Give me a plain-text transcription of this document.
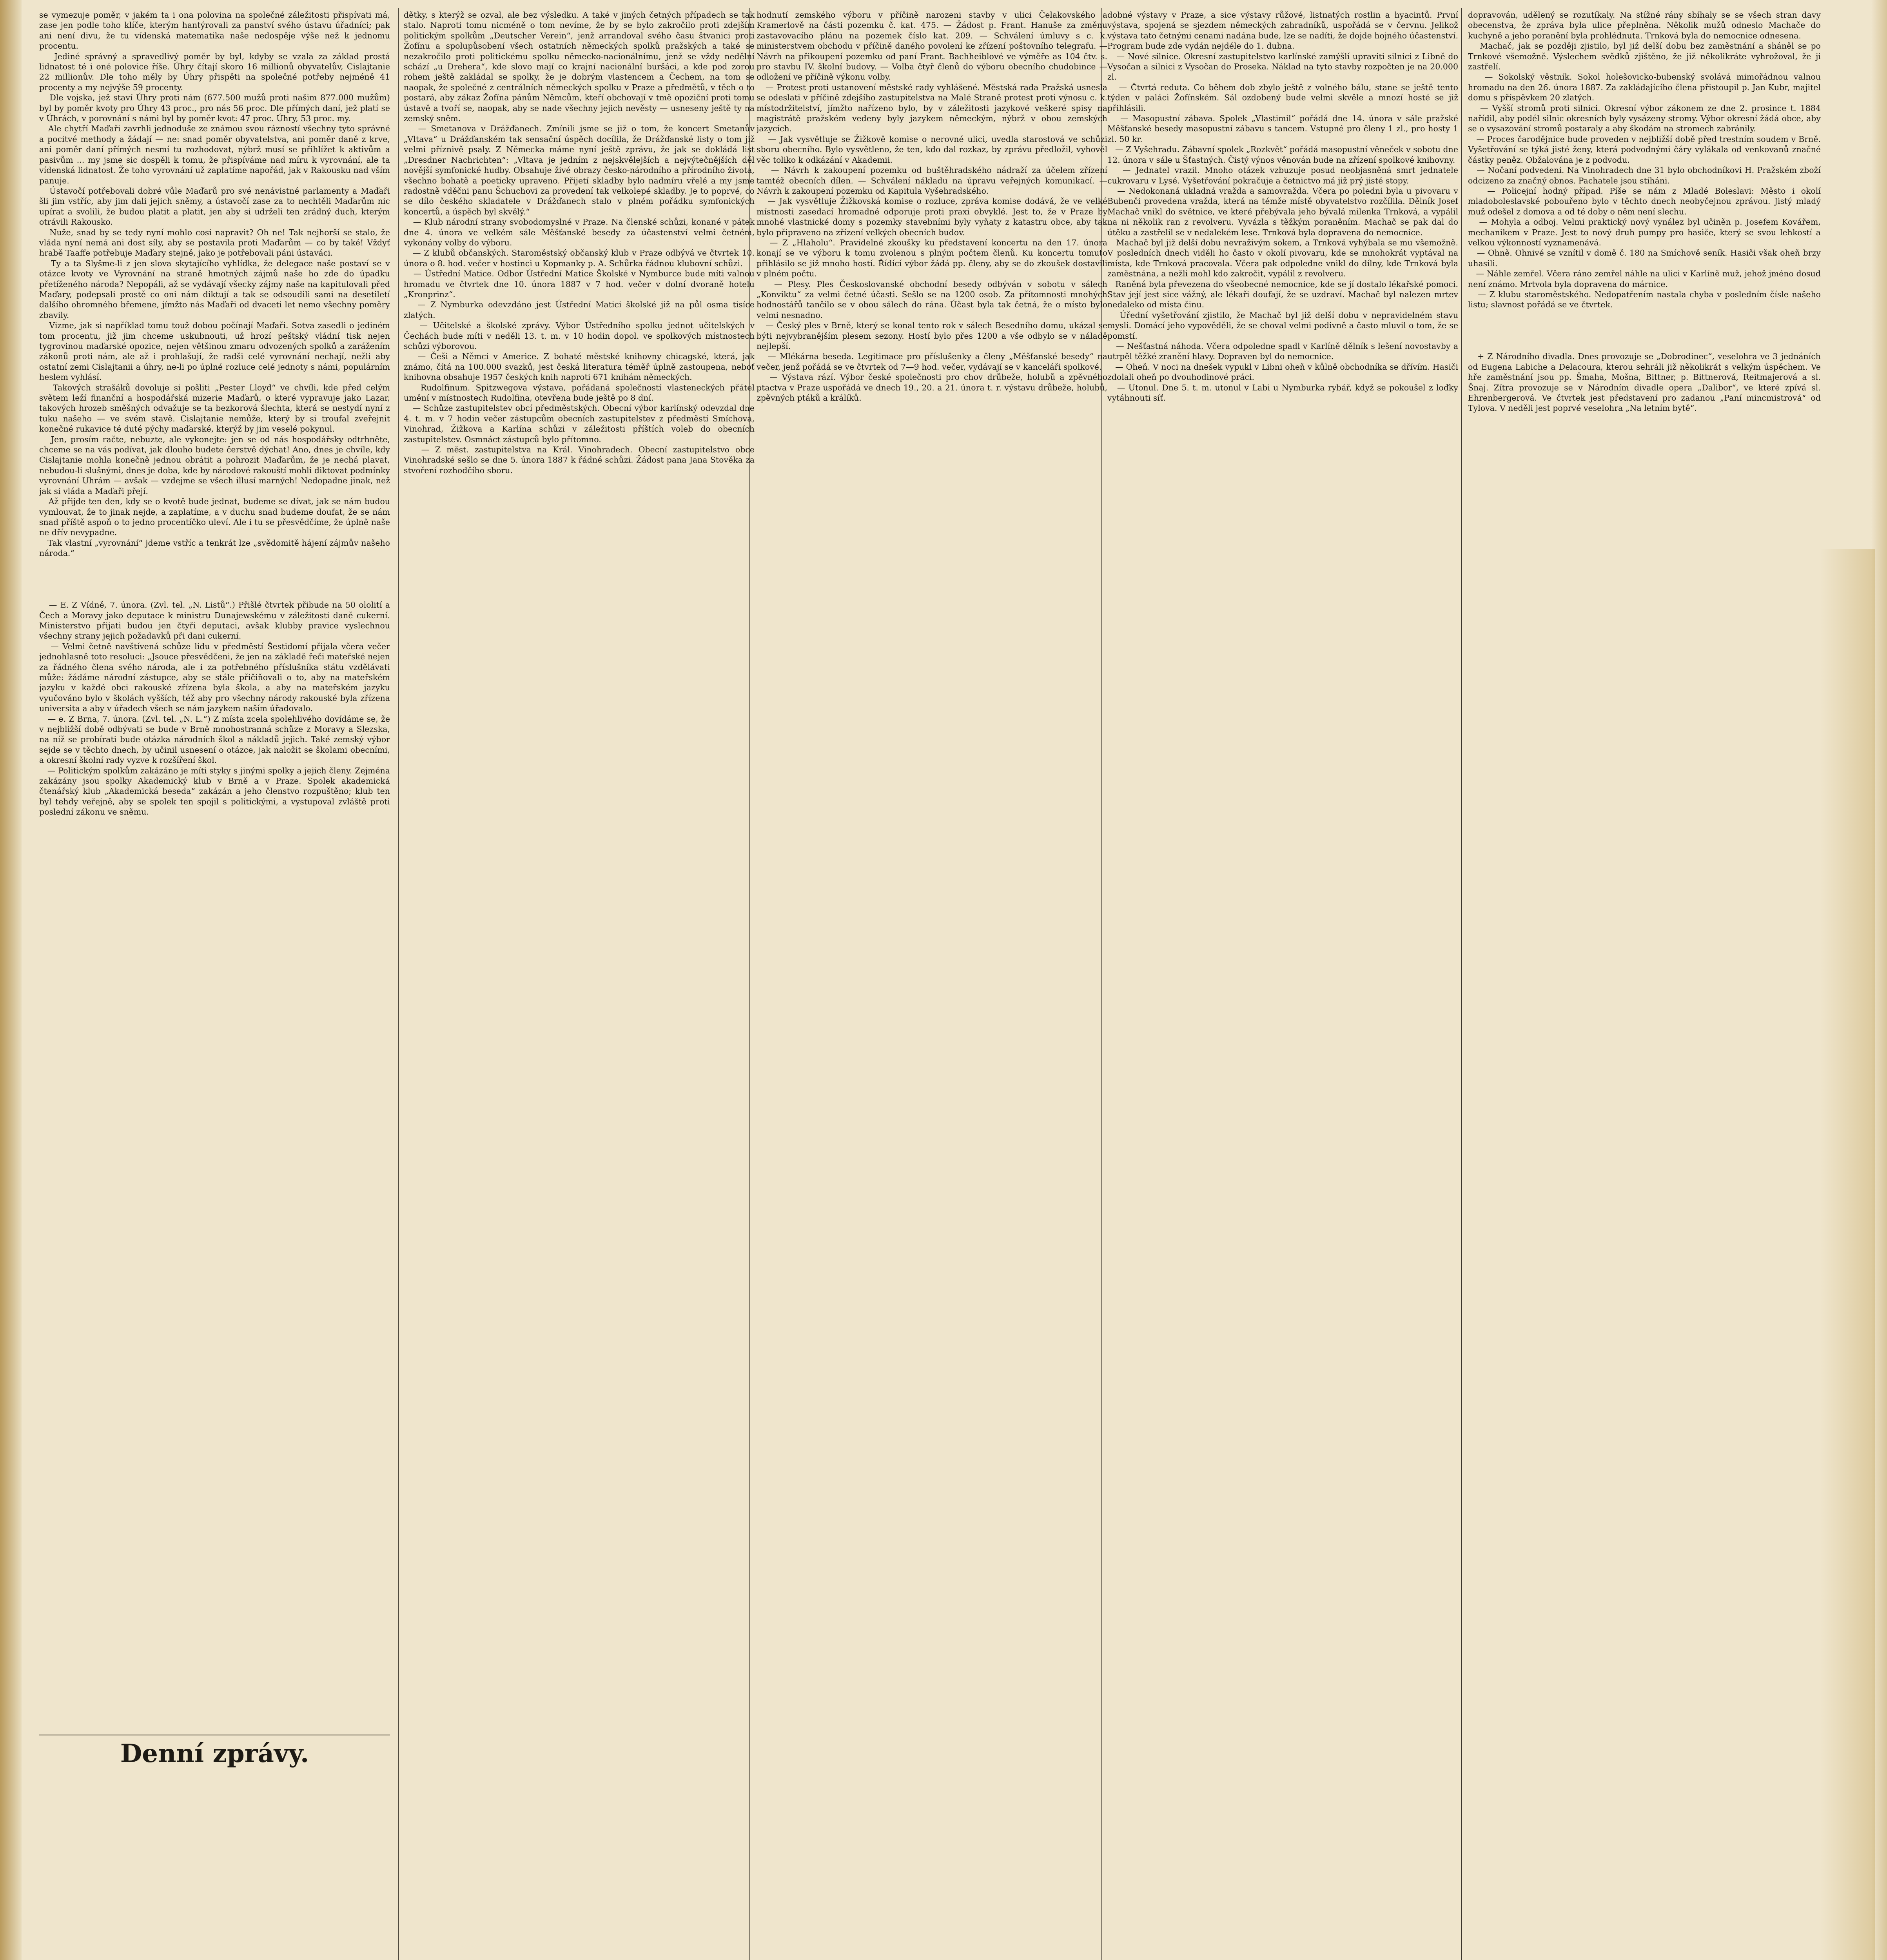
se vymezuje poměr, v jakém ta i ona polovina na společné záležitosti přispívati má, zase jen podle toho klíče, kterým hantýrovali za panství svého ústavu úřadníci; pak ani není divu, že tu vídenská matematika naše nedospěje výše než k jednomu procentu.
Jediné správný a spravedlivý poměr by byl, kdyby se vzala za základ prostá lidnatost té i oné polovice říše. Úhry čítají skoro 16 millionů obyvatelův, Cislajtanie 22 millionův. Dle toho měly by Úhry přispěti na společné potřeby nejméně 41 procenty a my nejvýše 59 procenty.
Dle vojska, jež staví Úhry proti nám (677.500 mužů proti našim 877.000 mužům) byl by poměr kvoty pro Úhry 43 proc., pro nás 56 proc. Dle přímých daní, jež platí se v Úhrách, v porovnání s námi byl by poměr kvot: 47 proc. Úhry, 53 proc. my.
Ale chytří Maďaři zavrhli jednoduše ze známou svou rázností všechny tyto správné a pocitvé methody a žádají — ne: snad poměr obyvatelstva, ani poměr daně z krve, ani poměr daní přímých nesmí tu rozhodovat, nýbrž musí se přihlížet k aktivům a pasivům ... my jsme sic dospěli k tomu, že přispíváme nad míru k vyrovnání, ale ta vídenská lidnatost. Že toho vyrovnání už zaplatíme napořád, jak v Rakousku nad vším panuje.
Ústavočí potřebovali dobré vůle Maďarů pro své nenávistné parlamenty a Maďaři šli jim vstříc, aby jim dali jejich sněmy, a ústavočí zase za to nechtěli Maďarům nic upírat a svolili, že budou platit a platit, jen aby si udrželi ten zrádný duch, kterým otrávili Rakousko.
Nuže, snad by se tedy nyní mohlo cosi napravit? Oh ne! Tak nejhorší se stalo, že vláda nyní nemá ani dost síly, aby se postavila proti Maďarům — co by také! Vždyť hrabě Taaffe potřebuje Maďary stejně, jako je potřebovali páni ústaváci.
Ty a ta Slyšme-li z jen slova skytajícího vyhlídka, že delegace naše postaví se v otázce kvoty ve Vyrovnání na straně hmotných zájmů naše ho zde do úpadku přetíženého národa? Nepopáli, až se vydávají všecky zájmy naše na kapitulovali před Maďary, podepsali prostě co oni nám diktují a tak se odsoudili sami na desetiletí dalšího ohromného břemene, jímžto nás Maďaři od dvaceti let nemo všechny poměry zbavily.
Vizme, jak si například tomu touž dobou počínají Maďaři. Sotva zasedli o jediném tom procentu, již jim chceme uskubnouti, už hrozí peštský vládní tisk nejen tygrovinou maďarské opozice, nejen většinou zmaru odvozených spolků a zarážením zákonů proti nám, ale až i prohlašují, že radši celé vyrovnání nechají, nežli aby ostatní zemi Cislajtanii a úhry, ne-li po úplné rozluce celé jednoty s námi, populárním heslem vyhlásí.
Takových strašáků dovoluje si pošliti „Pester Lloyd“ ve chvíli, kde před celým světem leží finanční a hospodářská mizerie Maďarů, o které vypravuje jako Lazar, takových hrozeb směšných odvažuje se ta bezkorová šlechta, která se nestydí nyní z tuku našeho — ve svém stavě. Cislajtanie nemůže, který by si troufal zveřejnit konečné rukavice té duté pýchy maďarské, kterýž by jim veselé pokynul.
Jen, prosím račte, nebuzte, ale vykonejte: jen se od nás hospodářsky odtrhněte, chceme se na vás podívat, jak dlouho budete čerstvě dýchat! Ano, dnes je chvíle, kdy Cislajtanie mohla konečně jednou obrátit a pohrozit Maďarům, že je nechá plavat, nebudou-li slušnými, dnes je doba, kde by národové rakouští mohli diktovat podmínky vyrovnání Uhrám — avšak — vzdejme se všech illusí marných! Nedopadne jinak, než jak si vláda a Maďaři přejí.
Až přijde ten den, kdy se o kvotě bude jednat, budeme se dívat, jak se nám budou vymlouvat, že to jinak nejde, a zaplatíme, a v duchu snad budeme doufat, že se nám snad příště aspoň o to jedno procentíčko uleví. Ale i tu se přesvědčíme, že úplně naše ne dřív nevypadne.
Tak vlastní „vyrovnání“ jdeme vstříc a tenkrát lze „svědomitě hájení zájmův našeho národa.“

— E. Z Vídně, 7. února. (Zvl. tel. „N. Listů“.) Přišlé čtvrtek přibude na 50 ololití a Čech a Moravy jako deputace k ministru Dunajewskému v záležitosti daně cukerní. Ministerstvo přijati budou jen čtyři deputaci, avšak klubby pravice vyslechnou všechny strany jejich požadavků při dani cukerní.
— Velmi četně navštívená schůze lidu v předměstí Šestidomí přijala včera večer jednohlasně toto resoluci: „Jsouce přesvědčeni, že jen na základě řeči mateřské nejen za řádného člena svého národa, ale i za potřebného příslušníka státu vzdělávati může: žádáme národní zástupce, aby se stále přičiňovali o to, aby na mateřském jazyku v každé obci rakouské zřízena byla škola, a aby na mateřském jazyku vyučováno bylo v školách vyšších, též aby pro všechny národy rakouské byla zřízena universita a aby v úřadech všech se nám jazykem naším úřadovalo.
— e. Z Brna, 7. února. (Zvl. tel. „N. L.“) Z místa zcela spolehlivého dovídáme se, že v nejbližší době odbývati se bude v Brně mnohostranná schůze z Moravy a Slezska, na níž se probírati bude otázka národních škol a nákladů jejich. Také zemský výbor sejde se v těchto dnech, by učinil usnesení o otázce, jak naložit se školami obecními, a okresní školní rady vyzve k rozšíření škol.
— Politickým spolkům zakázáno je míti styky s jinými spolky a jejich členy. Zejména zakázány jsou spolky Akademický klub v Brně a v Praze. Spolek akademická čtenářský klub „Akademická beseda“ zakázán a jeho členstvo rozpuštěno; klub ten byl tehdy veřejně, aby se spolek ten spojil s politickými, a vystupoval zvláště proti poslední zákonu ve sněmu.
dětky, s kterýž se ozval, ale bez výsledku. A také v jiných četných případech se tak stalo. Naproti tomu nicméně o tom nevíme, že by se bylo zakročilo proti zdejším politickým spolkům „Deutscher Verein“, jenž arrandoval svého času štvanici proti Žofínu a spolupůsobení všech ostatních německých spolků pražských a také se nezakročilo proti politickému spolku německo-nacionálnímu, jenž se vždy nedělní schází „u Drehera“, kde slovo mají co krajní nacionální buršáci, a kde pod zorou rohem ještě zakládal se spolky, že je dobrým vlastencem a Čechem, na tom se naopak, že společné z centrálních německých spolku v Praze a předmětů, v těch o to postará, aby zákaz Žofína pánům Němcům, kteří obchovají v tmě opoziční proti tomu ústavě a tvoří se, naopak, aby se nade všechny jejich nevěsty — usneseny ještě ty na zemský sněm.
— Smetanova v Drážďanech. Zmínili jsme se již o tom, že koncert Smetanův „Vltava“ u Drážďanském tak sensační úspěch docílila, že Drážďanské listy o tom již velmi příznivě psaly. Z Německa máme nyní ještě zprávu, že jak se dokládá list „Dresdner Nachrichten“: „Vltava je jedním z nejskvělejších a nejvýtečnějších děl novější symfonické hudby. Obsahuje živé obrazy česko-národního a přírodního života, všechno bohatě a poeticky upraveno. Přijetí skladby bylo nadmíru vřelé a my jsme radostně vděčni panu Šchuchovi za provedení tak velkolepé skladby. Je to poprvé, co se dílo českého skladatele v Drážďanech stalo v plném pořádku symfonických koncertů, a úspěch byl skvělý.“
— Klub národní strany svobodomyslné v Praze. Na členské schůzi, konané v pátek dne 4. února ve velkém sále Měšťanské besedy za účastenství velmi četném, vykonány volby do výboru.
— Z klubů občanských. Staroměstský občanský klub v Praze odbývá ve čtvrtek 10. února o 8. hod. večer v hostinci u Kopmanky p. A. Schůrka řádnou klubovní schůzi.
— Ústřední Matice. Odbor Ústřední Matice Školské v Nymburce bude míti valnou hromadu ve čtvrtek dne 10. února 1887 v 7 hod. večer v dolní dvoraně hotelu „Kronprinz“.
— Z Nymburka odevzdáno jest Ústřední Matici školské již na půl osma tisíce zlatých.
— Učitelské a školské zprávy. Výbor Ústředního spolku jednot učitelských v Čechách bude míti v neděli 13. t. m. v 10 hodin dopol. ve spolkových místnostech schůzi výborovou.
— Češi a Němci v Americe. Z bohaté městské knihovny chicagské, která, jak známo, čítá na 100.000 svazků, jest česká literatura téměř úplně zastoupena, neboť knihovna obsahuje 1957 českých knih naproti 671 knihám německých.
Rudolfinum. Spitzwegova výstava, pořádaná společností vlasteneckých přátel umění v místnostech Rudolfina, otevřena bude ještě po 8 dní.
— Schůze zastupitelstev obcí předměstských. Obecní výbor karlínský odevzdal dne 4. t. m. v 7 hodin večer zástupcům obecních zastupitelstev z předměstí Smíchova, Vinohrad, Žižkova a Karlína schůzi v záležitosti příštích voleb do obecních zastupitelstev. Osmnáct zástupců bylo přítomno.
— Z měst. zastupitelstva na Král. Vinohradech. Obecní zastupitelstvo obce Vinohradské sešlo se dne 5. února 1887 k řádné schůzi. Žádost pana Jana Stověka za stvoření rozhodčího sboru.
hodnutí zemského výboru v příčině narozeni stavby v ulici Čelakovského a Kramerlově na části pozemku č. kat. 475. — Žádost p. Frant. Hanuše za změnu zastavovacího plánu na pozemek číslo kat. 209. — Schválení úmluvy s c. k. ministerstvem obchodu v příčině daného povolení ke zřízení poštovního telegrafu. — Návrh na přikoupení pozemku od paní Frant. Bachheiblové ve výměře as 104 čtv. s. pro stavbu IV. školní budovy. — Volba čtyř členů do výboru obecního chudobince — odložení ve příčině výkonu volby.
— Protest proti ustanovení městské rady vyhlášené. Městská rada Pražská usnesla se odeslati v příčině zdejšího zastupitelstva na Malé Straně protest proti výnosu c. k. místodržitelství, jímžto nařízeno bylo, by v záležitosti jazykové veškeré spisy na magistrátě pražském vedeny byly jazykem německým, nýbrž v obou zemských jazycích.
— Jak vysvětluje se Žižkově komise o nerovné ulici, uvedla starostová ve schůzi sboru obecního. Bylo vysvětleno, že ten, kdo dal rozkaz, by zprávu předložil, vyhověl věc toliko k odkázání v Akademii.
— Návrh k zakoupení pozemku od buštěhradského nádraží za účelem zřízení tamtéž obecních dílen. — Schválení nákladu na úpravu veřejných komunikací. — Návrh k zakoupení pozemku od Kapitula Vyšehradského.
— Jak vysvětluje Žižkovská komise o rozluce, zpráva komise dodává, že ve velké místnosti zasedací hromadné odporuje proti praxi obvyklé. Jest to, že v Praze by mnohé vlastnické domy s pozemky stavebními byly vyňaty z katastru obce, aby tak bylo připraveno na zřízení velkých obecních budov.
— Z „Hlaholu“. Pravidelné zkoušky ku představení koncertu na den 17. února konají se ve výboru k tomu zvolenou s plným počtem členů. Ku koncertu tomuto přihlásilo se již mnoho hostí. Řídící výbor žádá pp. členy, aby se do zkoušek dostavili v plném počtu.
— Plesy. Ples Českoslovanské obchodní besedy odbýván v sobotu v sálech „Konviktu“ za velmi četné účasti. Sešlo se na 1200 osob. Za přítomnosti mnohých hodnostářů tančilo se v obou sálech do rána. Účast byla tak četná, že o místo bylo velmi nesnadno.
— Český ples v Brně, který se konal tento rok v sálech Besedního domu, ukázal se býti nejvybranějším plesem sezony. Hostí bylo přes 1200 a vše odbylo se v náladě nejlepší.
— Mlékárna beseda. Legitimace pro příslušenky a členy „Měšťanské besedy“ na večer, jenž pořádá se ve čtvrtek od 7—9 hod. večer, vydávají se v kanceláři spolkové.
— Výstava rází. Výbor české společnosti pro chov drůbeže, holubů a zpěvného ptactva v Praze uspořádá ve dnech 19., 20. a 21. února t. r. výstavu drůbeže, holubů, zpěvných ptáků a králíků.
dobné výstavy v Praze, a sice výstavy růžové, listnatých rostlin a hyacintů. První výstava, spojená se sjezdem německých zahradníků, uspořádá se v červnu. Jelikož výstava tato četnými cenami nadána bude, lze se nadíti, že dojde hojného účastenství. Program bude zde vydán nejdéle do 1. dubna.
— Nové silnice. Okresní zastupitelstvo karlínské zamýšlí upraviti silnici z Libně do Vysočan a silnici z Vysočan do Proseka. Náklad na tyto stavby rozpočten je na 20.000 zl.
— Čtvrtá reduta. Co během dob zbylo ještě z volného bálu, stane se ještě tento týden v paláci Žofínském. Sál ozdobený bude velmi skvěle a mnozí hosté se již přihlásili.
— Masopustní zábava. Spolek „Vlastimil“ pořádá dne 14. února v sále pražské Měšťanské besedy masopustní zábavu s tancem. Vstupné pro členy 1 zl., pro hosty 1 zl. 50 kr.
— Z Vyšehradu. Zábavní spolek „Rozkvět“ pořádá masopustní věneček v sobotu dne 12. února v sále u Šťastných. Čistý výnos věnován bude na zřízení spolkové knihovny.
— Jednatel vrazil. Mnoho otázek vzbuzuje posud neobjasněná smrt jednatele cukrovaru v Lysé. Vyšetřování pokračuje a četnictvo má již prý jisté stopy.
— Nedokonaná ukladná vražda a samovražda. Včera po poledni byla u pivovaru v Bubenči provedena vražda, která na témže místě obyvatelstvo rozčílila. Dělník Josef Machač vnikl do světnice, ve které přebývala jeho bývalá milenka Trnková, a vypálil na ni několik ran z revolveru. Vyvázla s těžkým poraněním. Machač se pak dal do útěku a zastřelil se v nedalekém lese. Trnková byla dopravena do nemocnice.
Machač byl již delší dobu nevraživým sokem, a Trnková vyhýbala se mu všemožně. V posledních dnech viděli ho často v okolí pivovaru, kde se mnohokrát vyptával na místa, kde Trnková pracovala. Včera pak odpoledne vnikl do dílny, kde Trnková byla zaměstnána, a nežli mohl kdo zakročit, vypálil z revolveru.
Raněná byla převezena do všeobecné nemocnice, kde se jí dostalo lékařské pomoci. Stav její jest sice vážný, ale lékaři doufají, že se uzdraví. Machač byl nalezen mrtev nedaleko od místa činu.
Úřední vyšetřování zjistilo, že Machač byl již delší dobu v nepravidelném stavu mysli. Domácí jeho vypověděli, že se choval velmi podivně a často mluvil o tom, že se pomstí.
— Nešťastná náhoda. Včera odpoledne spadl v Karlíně dělník s lešení novostavby a utrpěl těžké zranění hlavy. Dopraven byl do nemocnice.
— Oheň. V noci na dnešek vypukl v Libni oheň v kůlně obchodníka se dřívím. Hasiči zdolali oheň po dvouhodinové práci.
— Utonul. Dne 5. t. m. utonul v Labi u Nymburka rybář, když se pokoušel z loďky vytáhnouti síť.
dopravován, udělený se rozutíkaly. Na stížné rány sbíhaly se se všech stran davy obecenstva, že zpráva byla ulice přeplněna. Několik mužů odneslo Machače do kuchyně a jeho poranění byla prohlédnuta. Trnková byla do nemocnice odnesena.
Machač, jak se později zjistilo, byl již delší dobu bez zaměstnání a sháněl se po Trnkové všemožně. Výslechem svědků zjištěno, že již několikráte vyhrožoval, že ji zastřelí.
— Sokolský věstník. Sokol holešovicko-bubenský svolává mimořádnou valnou hromadu na den 26. února 1887. Za zakládajícího člena přistoupil p. Jan Kubr, majitel domu s příspěvkem 20 zlatých.
— Vyšší stromů proti silnici. Okresní výbor zákonem ze dne 2. prosince t. 1884 nařídil, aby podél silnic okresních byly vysázeny stromy. Výbor okresní žádá obce, aby se o vysazování stromů postaraly a aby škodám na stromech zabránily.
— Proces čarodějnice bude proveden v nejbližší době před trestním soudem v Brně. Vyšetřování se týká jisté ženy, která podvodnými čáry vylákala od venkovanů značné částky peněz. Obžalována je z podvodu.
— Nočaní podvedeni. Na Vinohradech dne 31 bylo obchodníkovi H. Pražském zboží odcizeno za značný obnos. Pachatele jsou stíháni.
— Policejní hodný případ. Píše se nám z Mladé Boleslavi: Město i okolí mladoboleslavské pobouřeno bylo v těchto dnech neobyčejnou zprávou. Jistý mladý muž odešel z domova a od té doby o něm není slechu.
— Mohyla a odboj. Velmi praktický nový vynález byl učiněn p. Josefem Kovářem, mechanikem v Praze. Jest to nový druh pumpy pro hasiče, který se svou lehkostí a velkou výkonností vyznamenává.
— Ohně. Ohnivé se vznítil v domě č. 180 na Smíchově seník. Hasiči však oheň brzy uhasili.
— Náhle zemřel. Včera ráno zemřel náhle na ulici v Karlíně muž, jehož jméno dosud není známo. Mrtvola byla dopravena do márnice.
— Z klubu staroměstského. Nedopatřením nastala chyba v posledním čísle našeho listu; slavnost pořádá se ve čtvrtek.

+ Z Národního divadla. Dnes provozuje se „Dobrodinec“, veselohra ve 3 jednáních od Eugena Labiche a Delacoura, kterou sehráli již několikrát s velkým úspěchem. Ve hře zaměstnání jsou pp. Šmaha, Mošna, Bittner, p. Bittnerová, Reitmajerová a sl. Šnaj. Zítra provozuje se v Národním divadle opera „Dalibor“, ve které zpívá sl. Ehrenbergerová. Ve čtvrtek jest představení pro zadanou „Paní mincmistrová“ od Tylova. V neděli jest poprvé veselohra „Na letním bytě“.
Denní zprávy.
